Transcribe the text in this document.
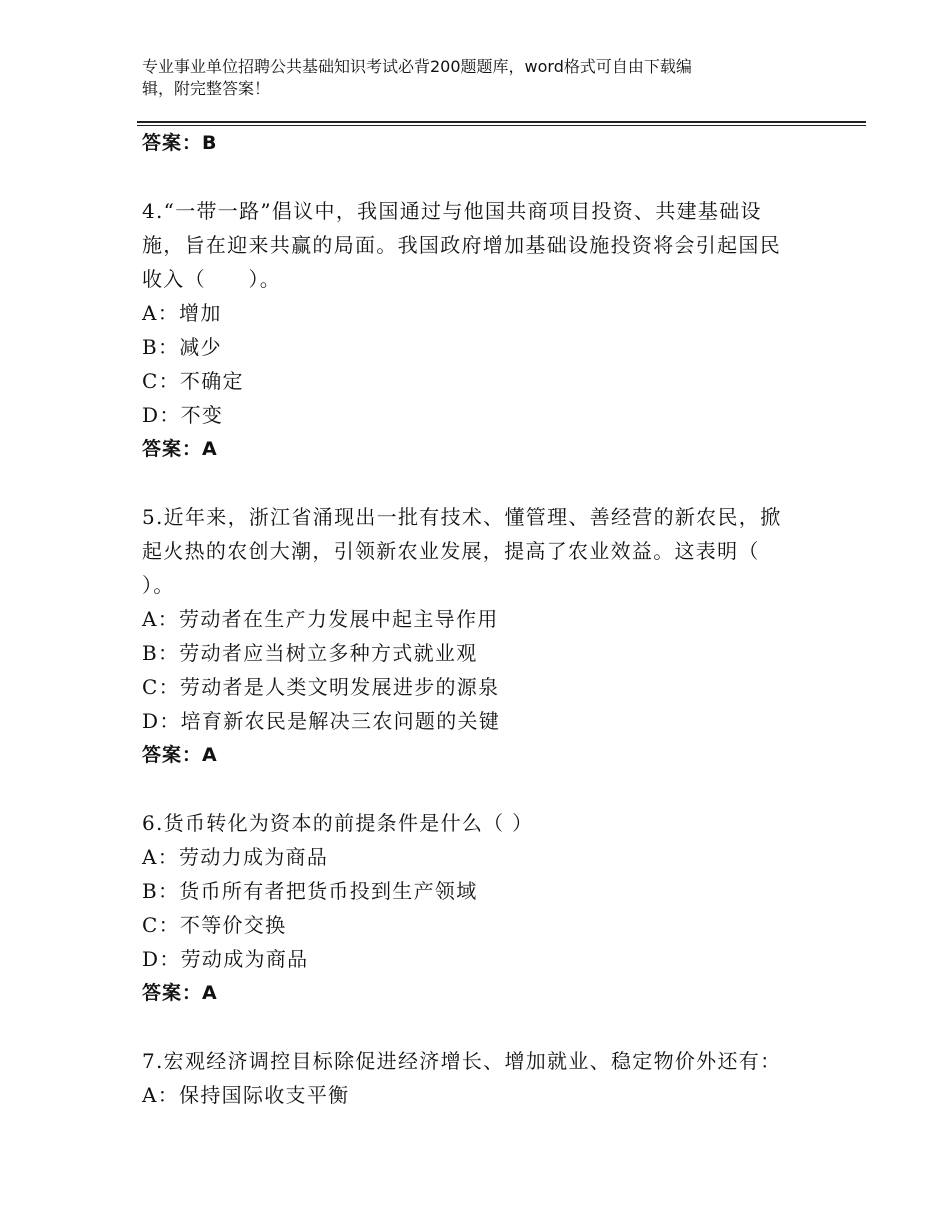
专业事业单位招聘公共基础知识考试必背200题题库，word格式可自由下载编
辑，附完整答案！
答案：B
4.“一带一路”倡议中，我国通过与他国共商项目投资、共建基础设
施，旨在迎来共赢的局面。我国政府增加基础设施投资将会引起国民
收入（　　）。
A：增加
B：减少
C：不确定
D：不变
答案：A
5.近年来，浙江省涌现出一批有技术、懂管理、善经营的新农民，掀
起火热的农创大潮，引领新农业发展，提高了农业效益。这表明（
）。
A：劳动者在生产力发展中起主导作用
B：劳动者应当树立多种方式就业观
C：劳动者是人类文明发展进步的源泉
D：培育新农民是解决三农问题的关键
答案：A
6.货币转化为资本的前提条件是什么（ ）
A：劳动力成为商品
B：货币所有者把货币投到生产领域
C：不等价交换
D：劳动成为商品
答案：A
7.宏观经济调控目标除促进经济增长、增加就业、稳定物价外还有：
A：保持国际收支平衡
